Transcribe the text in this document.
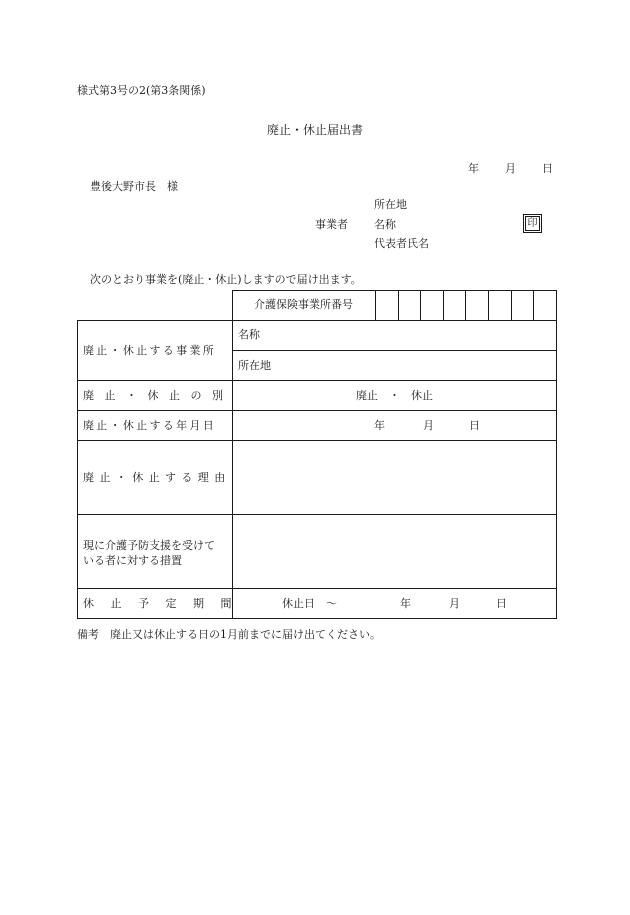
様式第3号の2(第3条関係)
廃止・休止届出書
年 月 日
豊後大野市長　様
所在地
事業者 名称
代表者氏名
印
次のとおり事業を(廃止・休止)しますので届け出ます。
介護保険事業所番号
廃止・休止する事業所
名称
所在地
廃止・休止の別	廃止　・　休止
廃止・休止する年月日	年	月	日
廃止・休止する理由
現に介護予防支援を受けて
いる者に対する措置
休止予定期間	休止日　～	年	月	日
備考　廃止又は休止する日の1月前までに届け出てください。
